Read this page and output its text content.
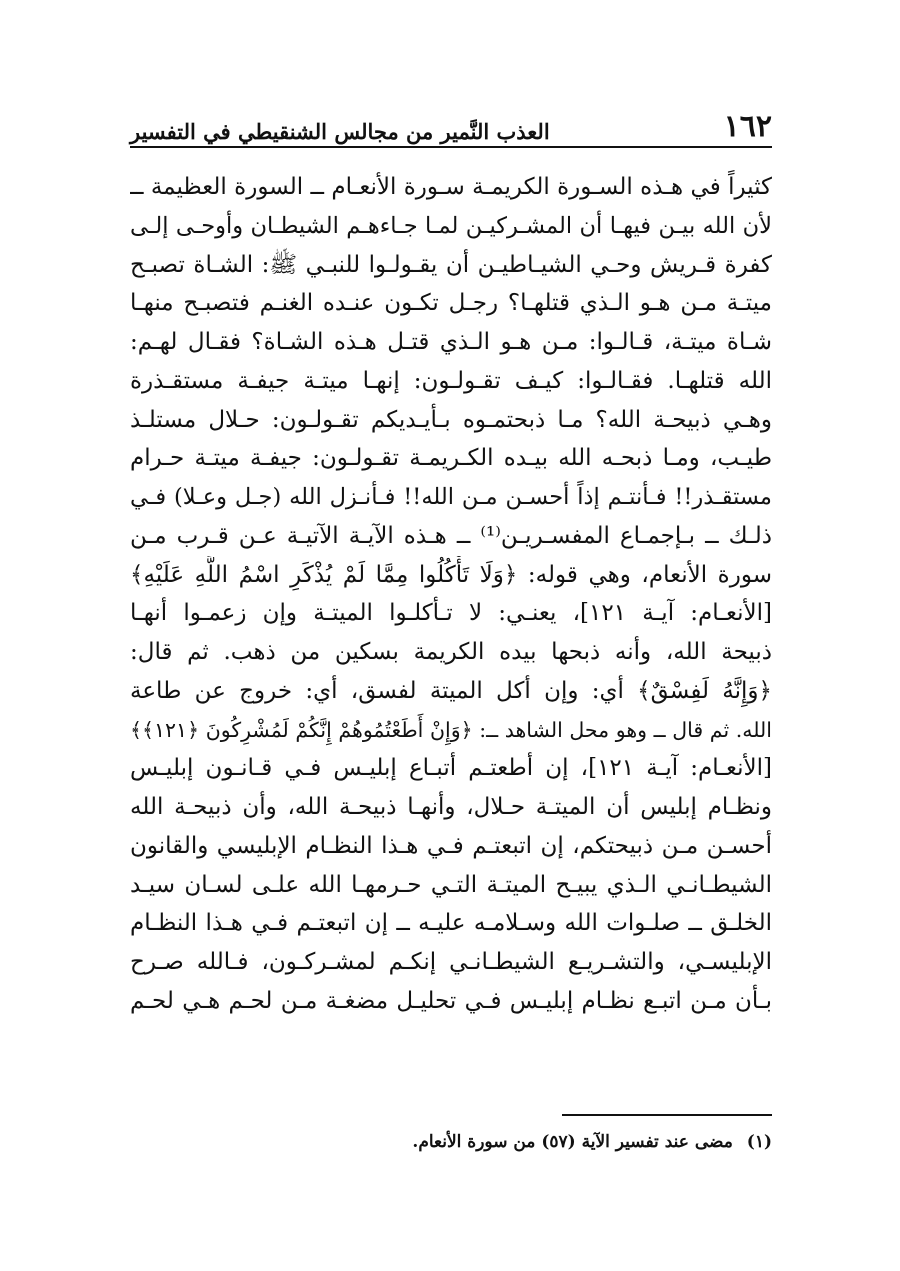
١٦٢
العذب النَّمير من مجالس الشنقيطي في التفسير
كثيراً في هـذه السـورة الكريمـة سـورة الأنعـام ــ السورة العظيمة ــ
لأن الله بيـن فيهـا أن المشـركيـن لمـا جـاءهـم الشيطـان وأوحـى إلـى
كفرة قـريش وحـي الشيـاطيـن أن يقـولـوا للنبـي ﷺ: الشـاة تصبـح
ميتـة مـن هـو الـذي قتلهـا؟ رجـل تكـون عنـده الغنـم فتصبـح منهـا
شـاة ميتـة، قـالـوا: مـن هـو الـذي قتـل هـذه الشـاة؟ فقـال لهـم:
الله قتلهـا. فقـالـوا: كيـف تقـولـون: إنهـا ميتـة جيفـة مستقـذرة
وهـي ذبيحـة الله؟ مـا ذبحتمـوه بـأيـديكم تقـولـون: حـلال مستلـذ
طيـب، ومـا ذبحـه الله بيـده الكـريمـة تقـولـون: جيفـة ميتـة حـرام
مستقـذر!! فـأنتـم إذاً أحسـن مـن الله!! فـأنـزل الله (جـل وعـلا) فـي
ذلـك ــ بـإجمـاع المفسـريـن⁽¹⁾ ــ هـذه الآيـة الآتيـة عـن قـرب مـن
سورة الأنعام، وهي قوله: ﴿وَلَا تَأْكُلُوا مِمَّا لَمْ يُذْكَرِ اسْمُ اللَّهِ عَلَيْهِ﴾
[الأنعـام: آيـة ١٢١]، يعنـي: لا تـأكلـوا الميتـة وإن زعمـوا أنهـا
ذبيحة الله، وأنه ذبحها بيده الكريمة بسكين من ذهب. ثم قال:
﴿وَإِنَّهُ لَفِسْقٌ﴾ أي: وإن أكل الميتة لفسق، أي: خروج عن طاعة
الله. ثم قال ــ وهو محل الشاهد ــ: ﴿وَإِنْ أَطَعْتُمُوهُمْ إِنَّكُمْ لَمُشْرِكُونَ ﴿١٢١﴾﴾
[الأنعـام: آيـة ١٢١]، إن أطعتـم أتبـاع إبليـس فـي قـانـون إبليـس
ونظـام إبليس أن الميتـة حـلال، وأنهـا ذبيحـة الله، وأن ذبيحـة الله
أحسـن مـن ذبيحتكم، إن اتبعتـم فـي هـذا النظـام الإبليسي والقانون
الشيطـانـي الـذي يبيـح الميتـة التـي حـرمهـا الله علـى لسـان سيـد
الخلـق ــ صلـوات الله وسـلامـه عليـه ــ إن اتبعتـم فـي هـذا النظـام
الإبليسـي، والتشـريـع الشيطـانـي إنكـم لمشـركـون، فـالله صـرح
بـأن مـن اتبـع نظـام إبليـس فـي تحليـل مضغـة مـن لحـم هـي لحـم
(١) مضى عند تفسير الآية (٥٧) من سورة الأنعام.
